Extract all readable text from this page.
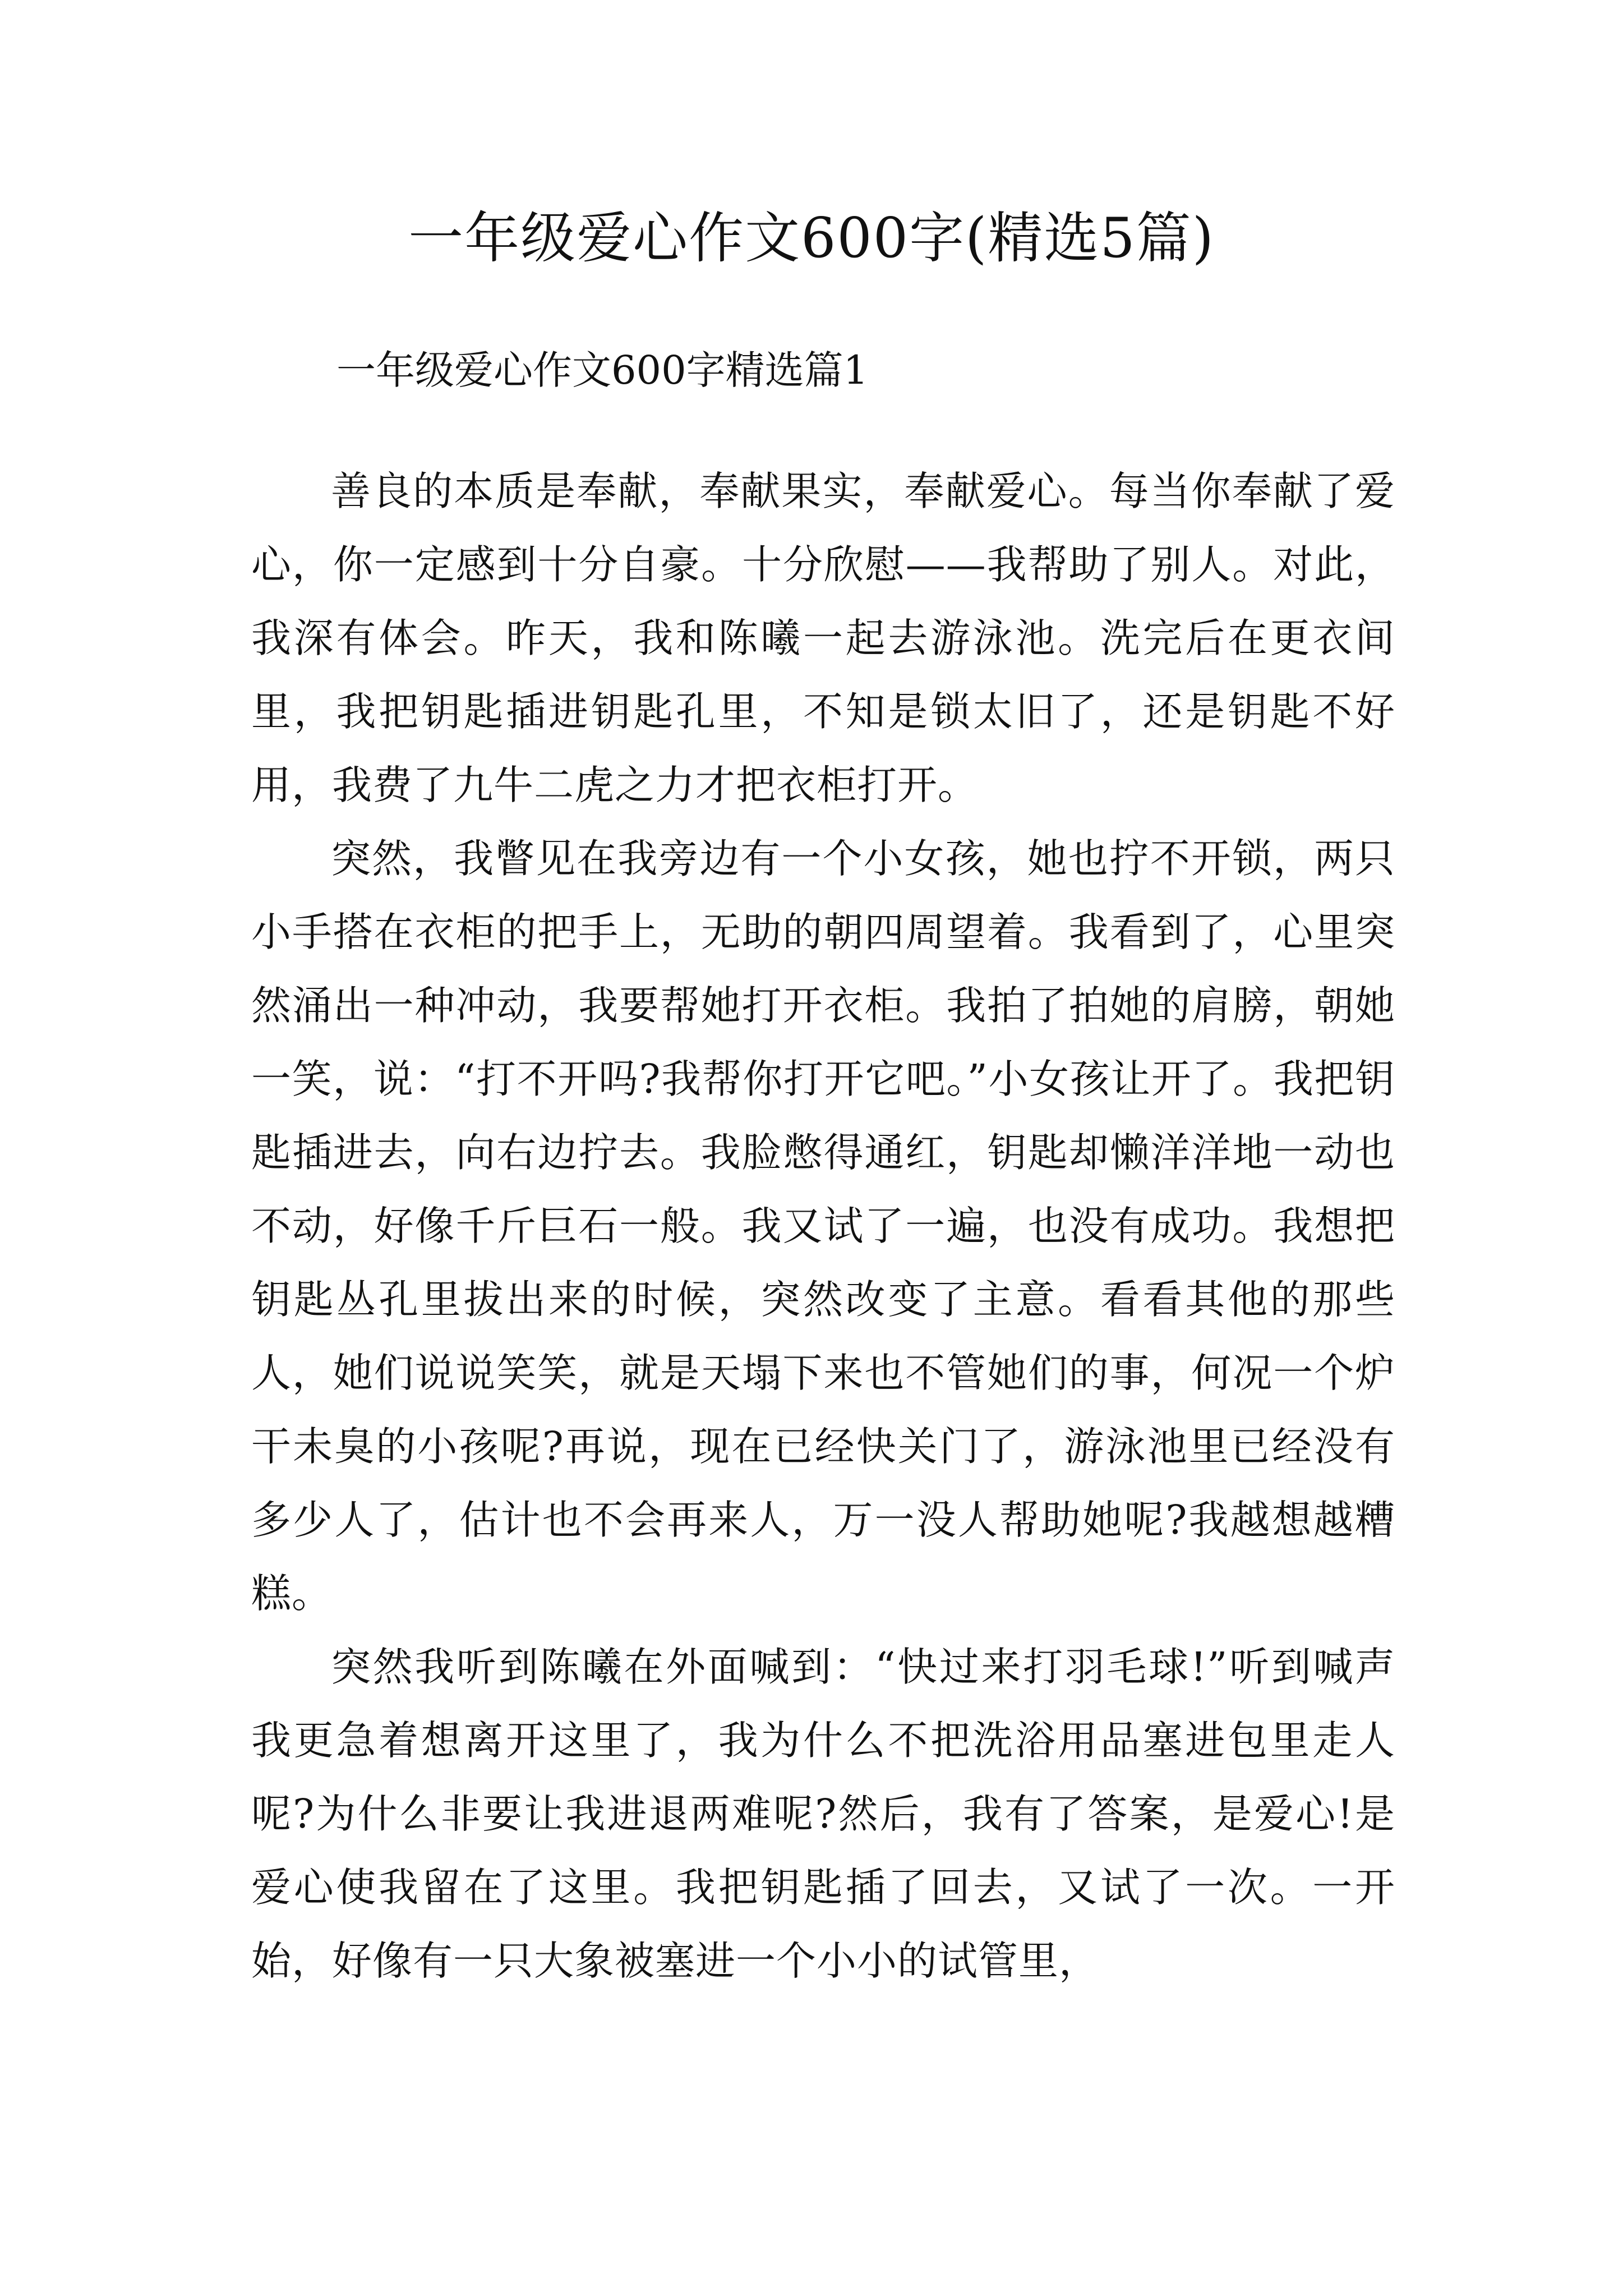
一年级爱心作文600字(精选5篇)
一年级爱心作文600字精选篇1

善良的本质是奉献，奉献果实，奉献爱心。每当你奉献了爱心，你一定感到十分自豪。十分欣慰——我帮助了别人。对此，我深有体会。昨天，我和陈曦一起去游泳池。洗完后在更衣间里，我把钥匙插进钥匙孔里，不知是锁太旧了，还是钥匙不好用，我费了九牛二虎之力才把衣柜打开。

突然，我瞥见在我旁边有一个小女孩，她也拧不开锁，两只小手搭在衣柜的把手上，无助的朝四周望着。我看到了，心里突然涌出一种冲动，我要帮她打开衣柜。我拍了拍她的肩膀，朝她一笑，说：“打不开吗?我帮你打开它吧。”小女孩让开了。我把钥匙插进去，向右边拧去。我脸憋得通红，钥匙却懒洋洋地一动也不动，好像千斤巨石一般。我又试了一遍，也没有成功。我想把钥匙丛孔里拔出来的时候，突然改变了主意。看看其他的那些人，她们说说笑笑，就是天塌下来也不管她们的事，何况一个炉干未臭的小孩呢?再说，现在已经快关门了，游泳池里已经没有多少人了，估计也不会再来人，万一没人帮助她呢?我越想越糟糕。

突然我听到陈曦在外面喊到：“快过来打羽毛球!”听到喊声我更急着想离开这里了，我为什么不把洗浴用品塞进包里走人呢?为什么非要让我进退两难呢?然后，我有了答案，是爱心!是爱心使我留在了这里。我把钥匙插了回去，又试了一次。一开始，好像有一只大象被塞进一个小小的试管里，
